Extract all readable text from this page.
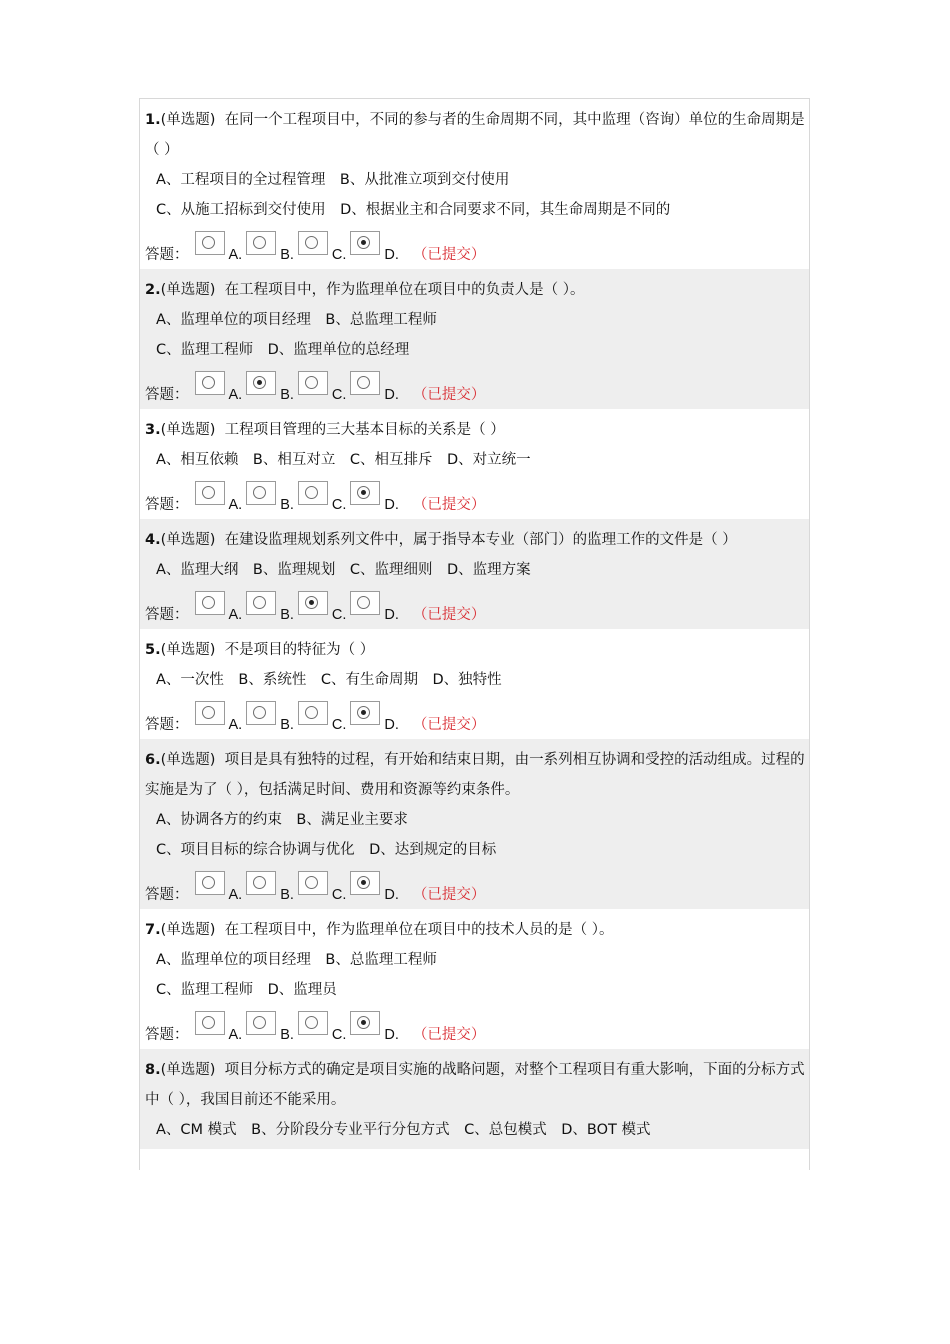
1.(单选题) 在同一个工程项目中，不同的参与者的生命周期不同，其中监理（咨询）单位的生命周期是（ ）
A、工程项目的全过程管理　B、从批准立项到交付使用
C、从施工招标到交付使用　D、根据业主和合同要求不同，其生命周期是不同的
答题：	A.	B.	C.	D. （已提交）
2.(单选题) 在工程项目中，作为监理单位在项目中的负责人是（ ）。
A、监理单位的项目经理　B、总监理工程师
C、监理工程师　D、监理单位的总经理
答题：	A.	B.	C.	D. （已提交）
3.(单选题) 工程项目管理的三大基本目标的关系是（ ）
A、相互依赖　B、相互对立　C、相互排斥　D、对立统一
答题：	A.	B.	C.	D. （已提交）
4.(单选题) 在建设监理规划系列文件中，属于指导本专业（部门）的监理工作的文件是（ ）
A、监理大纲　B、监理规划　C、监理细则　D、监理方案
答题：	A.	B.	C.	D. （已提交）
5.(单选题) 不是项目的特征为（ ）
A、一次性　B、系统性　C、有生命周期　D、独特性
答题：	A.	B.	C.	D. （已提交）
6.(单选题) 项目是具有独特的过程，有开始和结束日期，由一系列相互协调和受控的活动组成。过程的实施是为了（ ），包括满足时间、费用和资源等约束条件。
A、协调各方的约束　B、满足业主要求
C、项目目标的综合协调与优化　D、达到规定的目标
答题：	A.	B.	C.	D. （已提交）
7.(单选题) 在工程项目中，作为监理单位在项目中的技术人员的是（ ）。
A、监理单位的项目经理　B、总监理工程师
C、监理工程师　D、监理员
答题：	A.	B.	C.	D. （已提交）
8.(单选题) 项目分标方式的确定是项目实施的战略问题，对整个工程项目有重大影响，下面的分标方式中（ ），我国目前还不能采用。
A、CM 模式　B、分阶段分专业平行分包方式　C、总包模式　D、BOT 模式
